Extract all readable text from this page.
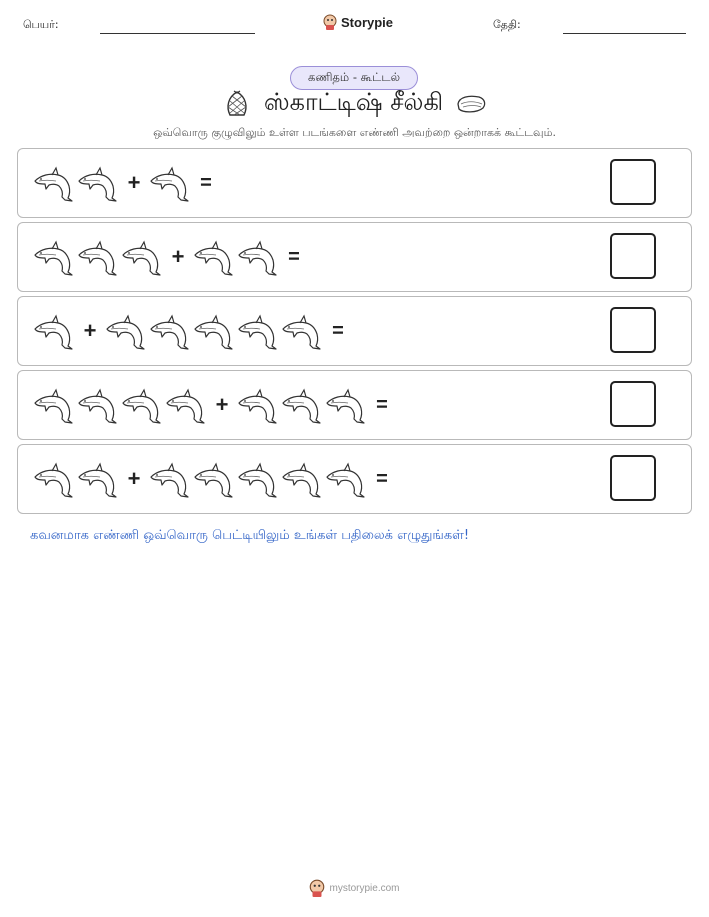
பெயர்:	Storypie	தேதி:
கணிதம் - கூட்டல்
ஸ்காட்டிஷ் சீல்கி
ஒவ்வொரு குழுவிலும் உள்ள படங்களை எண்ணி அவற்றை ஒன்றாகக் கூட்டவும்.
+	=
+	=
+	=
+	=
+	=
கவனமாக எண்ணி ஒவ்வொரு பெட்டியிலும் உங்கள் பதிலைக் எழுதுங்கள்!
mystorypie.com
